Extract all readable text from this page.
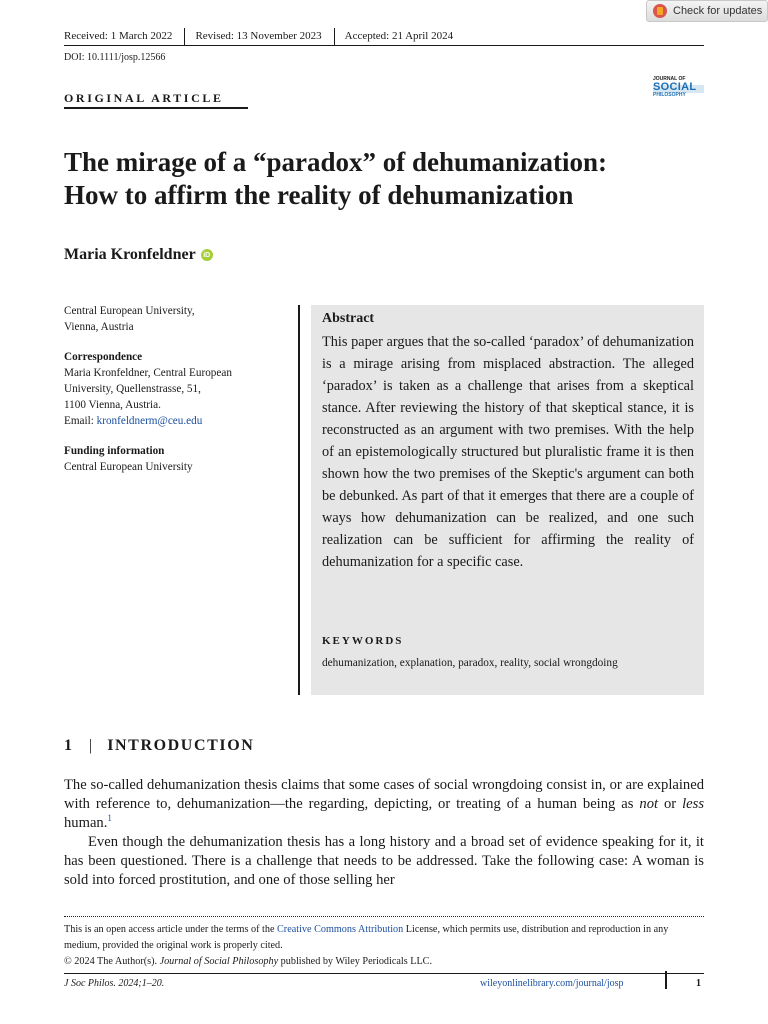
Check for updates
Received: 1 March 2022	Revised: 13 November 2023	Accepted: 21 April 2024
DOI: 10.1111/josp.12566
ORIGINAL ARTICLE
JOURNAL OF
SOCIAL
PHILOSOPHY
The mirage of a “paradox” of dehumanization:
How to affirm the reality of dehumanization
Maria Kronfeldner	iD
Central European University,
Vienna, Austria
Correspondence
Maria Kronfeldner, Central European
University, Quellenstrasse, 51,
1100 Vienna, Austria.
Email: kronfeldnerm@ceu.edu
Funding information
Central European University
Abstract
This paper argues that the so-called ‘paradox’ of dehumanization is a mirage arising from misplaced abstraction. The alleged ‘paradox’ is taken as a challenge that arises from a skeptical stance. After reviewing the history of that skeptical stance, it is reconstructed as an argument with two premises. With the help of an epistemologically structured but pluralistic frame it is then shown how the two premises of the Skeptic's argument can both be debunked. As part of that it emerges that there are a couple of ways how dehumanization can be realized, and one such realization can be sufficient for affirming the reality of dehumanization for a specific case.
KEYWORDS
dehumanization, explanation, paradox, reality, social wrongdoing
1 | INTRODUCTION

The so-called dehumanization thesis claims that some cases of social wrongdoing consist in, or are explained with reference to, dehumanization—the regarding, depicting, or treating of a human being as not or less human.$^1$

Even though the dehumanization thesis has a long history and a broad set of evidence speaking for it, it has been questioned. There is a challenge that needs to be addressed. Take the following case: A woman is sold into forced prostitution, and one of those selling her

This is an open access article under the terms of the Creative Commons Attribution License, which permits use, distribution and reproduction in any medium, provided the original work is properly cited.
© 2024 The Author(s). Journal of Social Philosophy published by Wiley Periodicals LLC.
J Soc Philos. 2024;1–20.	wileyonlinelibrary.com/journal/josp	1
